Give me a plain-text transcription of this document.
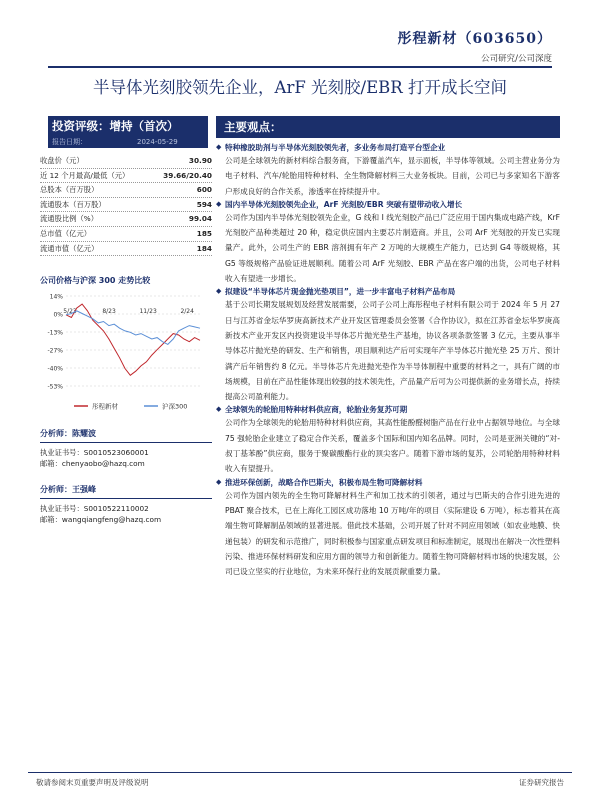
彤程新材（603650）
公司研究/公司深度
半导体光刻胶领先企业，ArF 光刻胶/EBR 打开成长空间
投资评级：增持（首次）
报告日期：	2024-05-29
收盘价（元）	30.90
近 12 个月最高/最低（元）	39.66/20.40
总股本（百万股）	600
流通股本（百万股）	594
流通股比例（%）	99.04
总市值（亿元）	185
流通市值（亿元）	184
公司价格与沪深 300 走势比较
14%
0%
-13%
-27%
-40%
-53%
5/23	8/23	11/23	2/24
彤程新材	沪深300
分析师：陈耀波
执业证书号：S0010523060001
邮箱：chenyaobo@hazq.com
分析师：王强峰
执业证书号：S0010522110002
邮箱：wangqiangfeng@hazq.com
主要观点：
◆ 特种橡胶助剂与半导体光刻胶领先者，多业务布局打造平台型企业

公司是全球领先的新材料综合服务商，下游覆盖汽车，显示面板，半导体等领域。公司主营业务分为电子材料、汽车/轮胎用特种材料、全生物降解材料三大业务板块。目前，公司已与多家知名下游客户形成良好的合作关系，渗透率在持续提升中。

◆ 国内半导体光刻胶领先企业，ArF 光刻胶/EBR 突破有望带动收入增长

公司作为国内半导体光刻胶领先企业，G 线和 I 线光刻胶产品已广泛应用于国内集成电路产线，KrF 光刻胶产品种类超过 20 种，稳定供应国内主要芯片制造商。并且，公司 ArF 光刻胶的开发已实现量产。此外，公司生产的 EBR 溶剂拥有年产 2 万吨的大规模生产能力，已达到 G4 等级规格，其 G5 等级规格产品验证进展顺利。随着公司 ArF 光刻胶、EBR 产品在客户端的出货，公司电子材料收入有望进一步增长。

◆ 拟建设“半导体芯片现金抛光垫项目”，进一步丰富电子材料产品布局

基于公司长期发展规划及经营发展需要，公司子公司上海彤程电子材料有限公司于 2024 年 5 月 27 日与江苏省金坛华罗庚高新技术产业开发区管理委员会签署《合作协议》，拟在江苏省金坛华罗庚高新技术产业开发区内投资建设半导体芯片抛光垫生产基地，协议各项条款签署 3 亿元，主要从事半导体芯片抛光垫的研发、生产和销售，项目顺利达产后可实现年产半导体芯片抛光垫 25 万片、预计满产后年销售约 8 亿元。半导体芯片先进抛光垫作为半导体制程中重要的材料之一，具有广阔的市场规模，目前在产品性能体现出较强的技术领先性，产品量产后可为公司提供新的业务增长点，持续提高公司盈利能力。

◆ 全球领先的轮胎用特种材料供应商，轮胎业务复苏可期

公司作为全球领先的轮胎用特种材料供应商，其高性能酚醛树脂产品在行业中占据领导地位。与全球 75 强轮胎企业建立了稳定合作关系，覆盖多个国际和国内知名品牌。同时，公司是亚洲关键的“对-叔丁基苯酚”供应商，服务于聚碳酸酯行业的顶尖客户。随着下游市场的复苏，公司轮胎用特种材料收入有望提升。

◆ 推进环保创新，战略合作巴斯夫，积极布局生物可降解材料

公司作为国内领先的全生物可降解材料生产和加工技术的引领者，通过与巴斯夫的合作引进先进的 PBAT 聚合技术，已在上海化工园区成功落地 10 万吨/年的项目（实际建设 6 万吨），标志着其在高端生物可降解制品领域的显著进展。借此技术基础，公司开展了针对不同应用领域（如农业地膜、快递包装）的研发和示范推广，同时积极参与国家重点研发项目和标准制定，展现出在解决一次性塑料污染、推进环保材料研发和应用方面的领导力和创新能力。随着生物可降解材料市场的快速发展，公司已设立坚实的行业地位，为未来环保行业的发展贡献重要力量。

敬请参阅末页重要声明及评级说明	证券研究报告
